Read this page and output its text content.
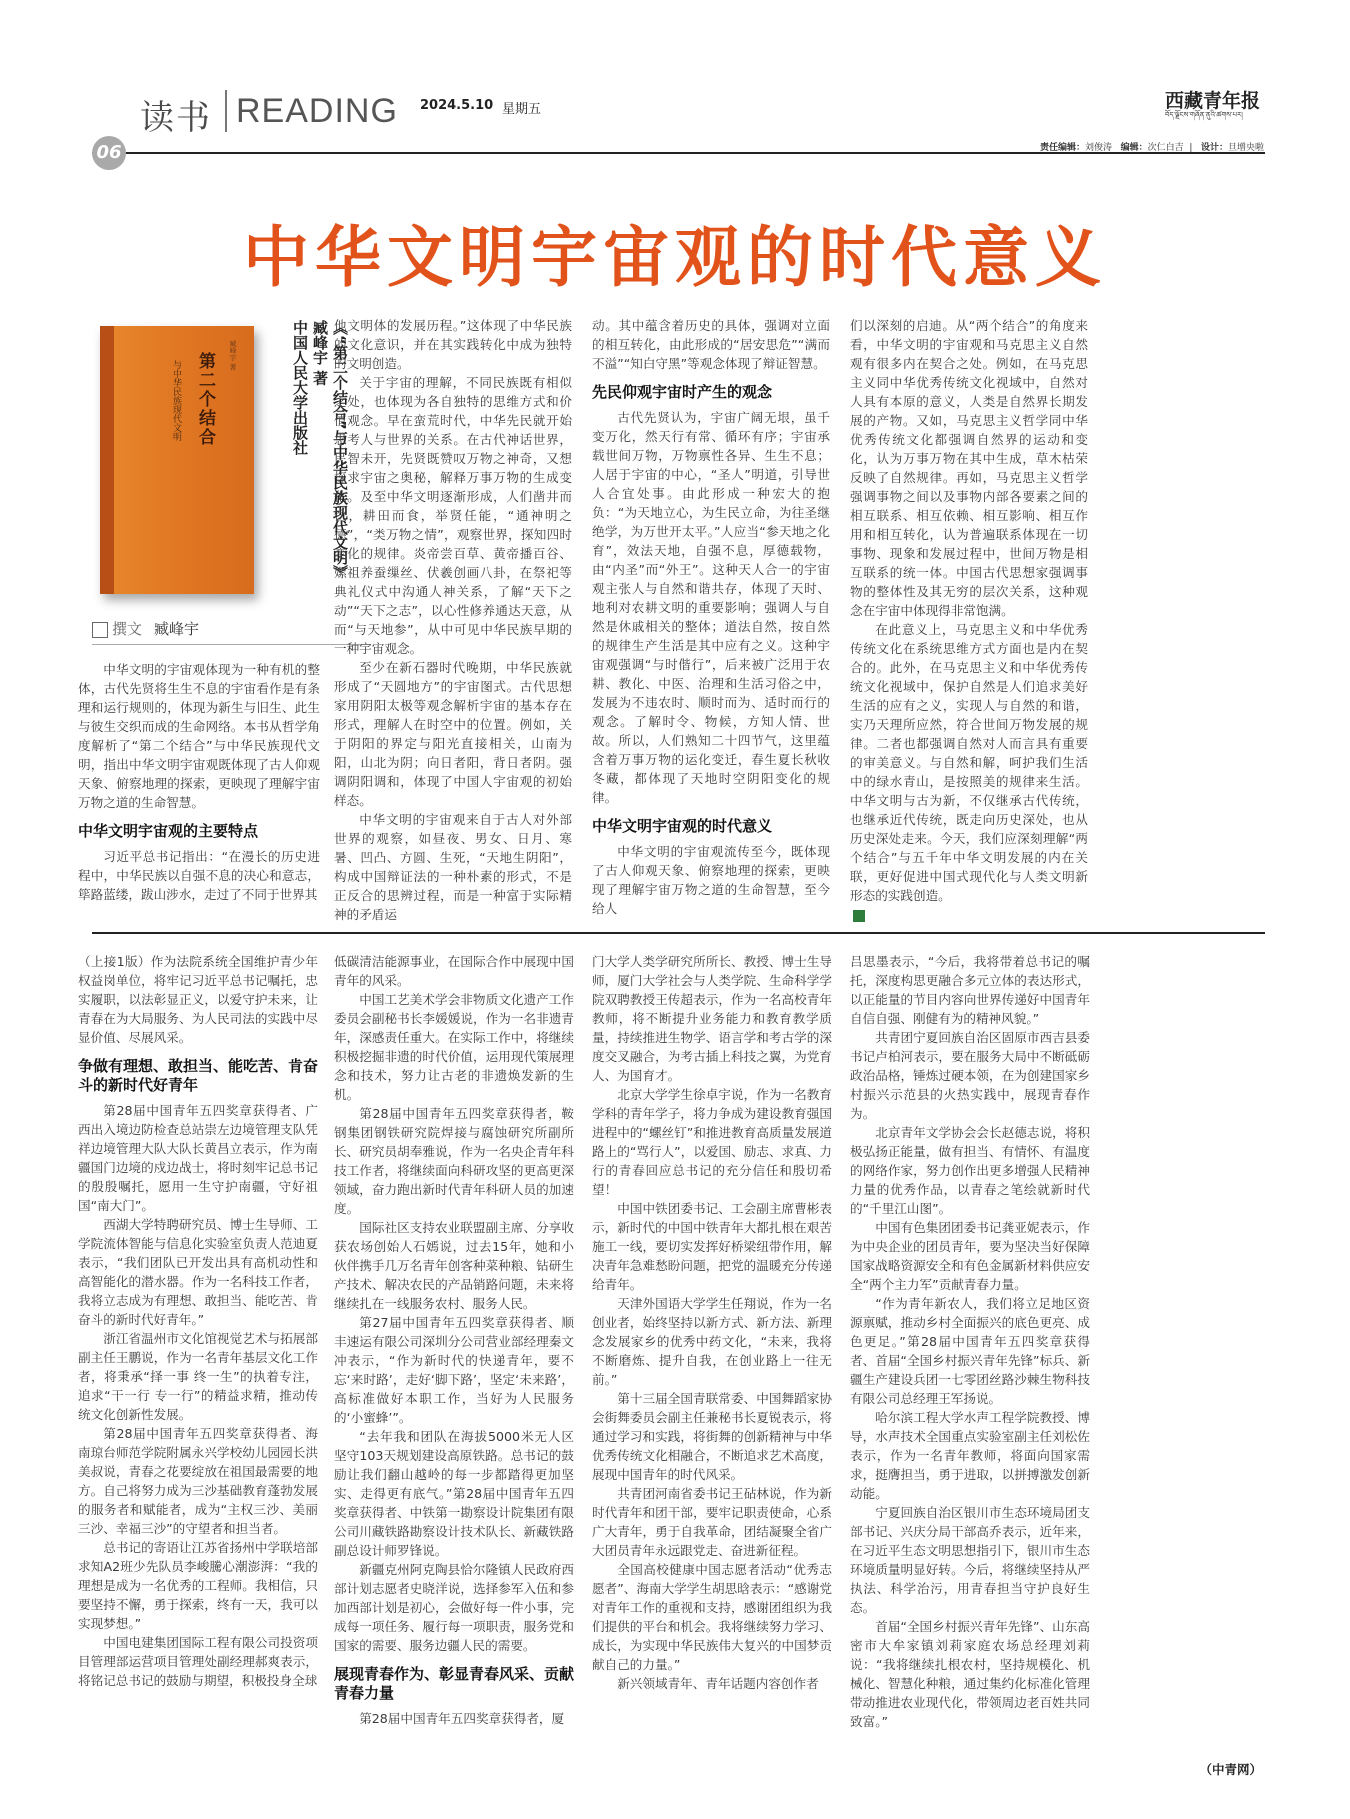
读书 READING 2024.5.10 星期五
06
西藏青年报
བོད་ལྗོངས་གཞོན་ནུའི་ཚགས་པར།
责任编辑：刘俊涛 编辑：次仁白吉  |   设计：旦增央啦
中华文明宇宙观的时代意义
第二个结合
与中华民族现代文明
臧峰宇 著	《“第二个结合”与中华民族现代文明》
臧峰宇 著
中国人民大学出版社
撰文 臧峰宇

中华文明的宇宙观体现为一种有机的整体，古代先贤将生生不息的宇宙看作是有条理和运行规则的，体现为新生与旧生、此生与彼生交织而成的生命网络。本书从哲学角度解析了“第二个结合”与中华民族现代文明，指出中华文明宇宙观既体现了古人仰观天象、俯察地理的探索，更映现了理解宇宙万物之道的生命智慧。

中华文明宇宙观的主要特点

习近平总书记指出：“在漫长的历史进程中，中华民族以自强不息的决心和意志，筚路蓝缕，跋山涉水，走过了不同于世界其

他文明体的发展历程。”这体现了中华民族的文化意识，并在其实践转化中成为独特的文明创造。

关于宇宙的理解，不同民族既有相似之处，也体现为各自独特的思维方式和价值观念。早在蛮荒时代，中华先民就开始思考人与世界的关系。在古代神话世界，民智未开，先贤既赞叹万物之神奇，又想探求宇宙之奥秘，解释万事万物的生成变化。及至中华文明逐渐形成，人们凿井而饮，耕田而食，举贤任能，“通神明之德”，“类万物之情”，观察世界，探知四时变化的规律。炎帝尝百草、黄帝播百谷、嫘祖养蚕缫丝、伏羲创画八卦，在祭祀等典礼仪式中沟通人神关系，了解“天下之动”“天下之志”，以心性修养通达天意，从而“与天地参”，从中可见中华民族早期的一种宇宙观念。

至少在新石器时代晚期，中华民族就形成了“天圆地方”的宇宙图式。古代思想家用阴阳太极等观念解析宇宙的基本存在形式，理解人在时空中的位置。例如，关于阴阳的界定与阳光直接相关，山南为阳，山北为阴；向日者阳，背日者阴。强调阴阳调和，体现了中国人宇宙观的初始样态。

中华文明的宇宙观来自于古人对外部世界的观察，如昼夜、男女、日月、寒暑、凹凸、方圆、生死，“天地生阴阳”，构成中国辩证法的一种朴素的形式，不是正反合的思辨过程，而是一种富于实际精神的矛盾运

动。其中蕴含着历史的具体，强调对立面的相互转化，由此形成的“居安思危”“满而不溢”“知白守黑”等观念体现了辩证智慧。

先民仰观宇宙时产生的观念

古代先贤认为，宇宙广阔无垠，虽千变万化，然天行有常、循环有序；宇宙承载世间万物，万物禀性各异、生生不息；人居于宇宙的中心，“圣人”明道，引导世人合宜处事。由此形成一种宏大的抱负：“为天地立心，为生民立命，为往圣继绝学，为万世开太平。”人应当“参天地之化育”，效法天地，自强不息，厚德载物，由“内圣”而“外王”。这种天人合一的宇宙观主张人与自然和谐共存，体现了天时、地利对农耕文明的重要影响；强调人与自然是休戚相关的整体；道法自然，按自然的规律生产生活是其中应有之义。这种宇宙观强调“与时偕行”，后来被广泛用于农耕、教化、中医、治理和生活习俗之中，发展为不违农时、顺时而为、适时而行的观念。了解时令、物候，方知人情、世故。所以，人们熟知二十四节气，这里蕴含着万事万物的运化变迁，春生夏长秋收冬藏，都体现了天地时空阴阳变化的规律。

中华文明宇宙观的时代意义

中华文明的宇宙观流传至今，既体现了古人仰观天象、俯察地理的探索，更映现了理解宇宙万物之道的生命智慧，至今给人

们以深刻的启迪。从“两个结合”的角度来看，中华文明的宇宙观和马克思主义自然观有很多内在契合之处。例如，在马克思主义同中华优秀传统文化视域中，自然对人具有本原的意义，人类是自然界长期发展的产物。又如，马克思主义哲学同中华优秀传统文化都强调自然界的运动和变化，认为万事万物在其中生成，草木枯荣反映了自然规律。再如，马克思主义哲学强调事物之间以及事物内部各要素之间的相互联系、相互依赖、相互影响、相互作用和相互转化，认为普遍联系体现在一切事物、现象和发展过程中，世间万物是相互联系的统一体。中国古代思想家强调事物的整体性及其无穷的层次关系，这种观念在宇宙中体现得非常饱满。

在此意义上，马克思主义和中华优秀传统文化在系统思维方式方面也是内在契合的。此外，在马克思主义和中华优秀传统文化视域中，保护自然是人们追求美好生活的应有之义，实现人与自然的和谐，实乃天理所应然，符合世间万物发展的规律。二者也都强调自然对人而言具有重要的审美意义。与自然和解，呵护我们生活中的绿水青山，是按照美的规律来生活。中华文明与古为新，不仅继承古代传统，也继承近代传统，既走向历史深处，也从历史深处走来。今天，我们应深刻理解“两个结合”与五千年中华文明发展的内在关联，更好促进中国式现代化与人类文明新形态的实践创造。

（上接1版）作为法院系统全国维护青少年权益岗单位，将牢记习近平总书记嘱托，忠实履职，以法彰显正义，以爱守护未来，让青春在为大局服务、为人民司法的实践中尽显价值、尽展风采。

争做有理想、敢担当、能吃苦、肯奋斗的新时代好青年

第28届中国青年五四奖章获得者、广西出入境边防检查总站崇左边境管理支队凭祥边境管理大队大队长黄昌立表示，作为南疆国门边境的戍边战士，将时刻牢记总书记的殷殷嘱托，愿用一生守护南疆，守好祖国“南大门”。

西湖大学特聘研究员、博士生导师、工学院流体智能与信息化实验室负责人范迪夏表示，“我们团队已开发出具有高机动性和高智能化的潜水器。作为一名科技工作者，我将立志成为有理想、敢担当、能吃苦、肯奋斗的新时代好青年。”

浙江省温州市文化馆视觉艺术与拓展部副主任王鹏说，作为一名青年基层文化工作者，将秉承“择一事 终一生”的执着专注，追求“干一行 专一行”的精益求精，推动传统文化创新性发展。

第28届中国青年五四奖章获得者、海南琼台师范学院附属永兴学校幼儿园园长洪美叔说，青春之花要绽放在祖国最需要的地方。自己将努力成为三沙基础教育蓬勃发展的服务者和赋能者，成为“主权三沙、美丽三沙、幸福三沙”的守望者和担当者。

总书记的寄语让江苏省扬州中学联培部求知A2班少先队员李峻騰心潮澎湃：“我的理想是成为一名优秀的工程师。我相信，只要坚持不懈，勇于探索，终有一天，我可以实现梦想。”

中国电建集团国际工程有限公司投资项目管理部运营项目管理处副经理郝爽表示，将铭记总书记的鼓励与期望，积极投身全球

低碳清洁能源事业，在国际合作中展现中国青年的风采。

中国工艺美术学会非物质文化遗产工作委员会副秘书长李媛媛说，作为一名非遗青年，深感责任重大。在实际工作中，将继续积极挖掘非遗的时代价值，运用现代策展理念和技术，努力让古老的非遗焕发新的生机。

第28届中国青年五四奖章获得者，鞍钢集团钢铁研究院焊接与腐蚀研究所副所长、研究员胡奉雅说，作为一名央企青年科技工作者，将继续面向科研攻坚的更高更深领域，奋力跑出新时代青年科研人员的加速度。

国际社区支持农业联盟副主席、分享收获农场创始人石嫣说，过去15年，她和小伙伴携手几万名青年创客种菜种粮、钻研生产技术、解决农民的产品销路问题，未来将继续扎在一线服务农村、服务人民。

第27届中国青年五四奖章获得者、顺丰速运有限公司深圳分公司营业部经理秦文冲表示，“作为新时代的快递青年，要不忘‘来时路’，走好‘脚下路’，坚定‘未来路’，高标准做好本职工作，当好为人民服务的‘小蜜蜂’”。

“去年我和团队在海拔5000米无人区坚守103天规划建设高原铁路。总书记的鼓励让我们翻山越岭的每一步都踏得更加坚实、走得更有底气。”第28届中国青年五四奖章获得者、中铁第一勘察设计院集团有限公司川藏铁路勘察设计技术队长、新藏铁路副总设计师罗锋说。

新疆克州阿克陶县恰尔隆镇人民政府西部计划志愿者史晓洋说，选择参军入伍和参加西部计划是初心，会做好每一件小事，完成每一项任务、履行每一项职责，服务党和国家的需要、服务边疆人民的需要。

展现青春作为、彰显青春风采、贡献青春力量

第28届中国青年五四奖章获得者，厦

门大学人类学研究所所长、教授、博士生导师，厦门大学社会与人类学院、生命科学学院双聘教授王传超表示，作为一名高校青年教师，将不断提升业务能力和教育教学质量，持续推进生物学、语言学和考古学的深度交叉融合，为考古插上科技之翼，为党育人、为国育才。

北京大学学生徐卓宇说，作为一名教育学科的青年学子，将力争成为建设教育强国进程中的“螺丝钉”和推进教育高质量发展道路上的“骂行人”，以爱国、励志、求真、力行的青春回应总书记的充分信任和殷切希望！

中国中铁团委书记、工会副主席曹彬表示，新时代的中国中铁青年大都扎根在艰苦施工一线，要切实发挥好桥梁纽带作用，解决青年急难愁盼问题，把党的温暖充分传递给青年。

天津外国语大学学生任翔说，作为一名创业者，始终坚持以新方式、新方法、新理念发展家乡的优秀中药文化，“未来，我将不断磨炼、提升自我，在创业路上一往无前。”

第十三届全国青联常委、中国舞蹈家协会街舞委员会副主任兼秘书长夏锐表示，将通过学习和实践，将街舞的创新精神与中华优秀传统文化相融合，不断追求艺术高度，展现中国青年的时代风采。

共青团河南省委书记王砧林说，作为新时代青年和团干部，要牢记职责使命，心系广大青年，勇于自我革命，团结凝聚全省广大团员青年永远跟党走、奋进新征程。

全国高校健康中国志愿者活动“优秀志愿者”、海南大学学生胡思晗表示：“感谢党对青年工作的重视和支持，感谢团组织为我们提供的平台和机会。我将继续努力学习、成长，为实现中华民族伟大复兴的中国梦贡献自己的力量。”

新兴领域青年、青年话题内容创作者

吕思墨表示，“今后，我将带着总书记的嘱托，深度构思更融合多元立体的表达形式，以正能量的节目内容向世界传递好中国青年自信自强、刚健有为的精神风貌。”

共青团宁夏回族自治区固原市西吉县委书记卢柏河表示，要在服务大局中不断砥砺政治品格，锤炼过硬本领，在为创建国家乡村振兴示范县的火热实践中，展现青春作为。

北京青年文学协会会长赵德志说，将积极弘扬正能量，做有担当、有情怀、有温度的网络作家，努力创作出更多增强人民精神力量的优秀作品，以青春之笔绘就新时代的“千里江山图”。

中国有色集团团委书记龚亚妮表示，作为中央企业的团员青年，要为坚决当好保障国家战略资源安全和有色金属新材料供应安全“两个主力军”贡献青春力量。

“作为青年新农人，我们将立足地区资源禀赋，推动乡村全面振兴的底色更亮、成色更足。”第28届中国青年五四奖章获得者、首届“全国乡村振兴青年先锋”标兵、新疆生产建设兵团一七零团丝路沙棘生物科技有限公司总经理王军扬说。

哈尔滨工程大学水声工程学院教授、博导，水声技术全国重点实验室副主任刘松佐表示，作为一名青年教师，将面向国家需求，挺膺担当，勇于进取，以拼搏激发创新动能。

宁夏回族自治区银川市生态环境局团支部书记、兴庆分局干部高乔表示，近年来，在习近平生态文明思想指引下，银川市生态环境质量明显好转。今后，将继续坚持从严执法、科学治污，用青春担当守护良好生态。

首届“全国乡村振兴青年先锋”、山东高密市大牟家镇刘莉家庭农场总经理刘莉说：“我将继续扎根农村，坚持规模化、机械化、智慧化种粮，通过集约化标准化管理带动推进农业现代化，带领周边老百姓共同致富。”

（中青网）
